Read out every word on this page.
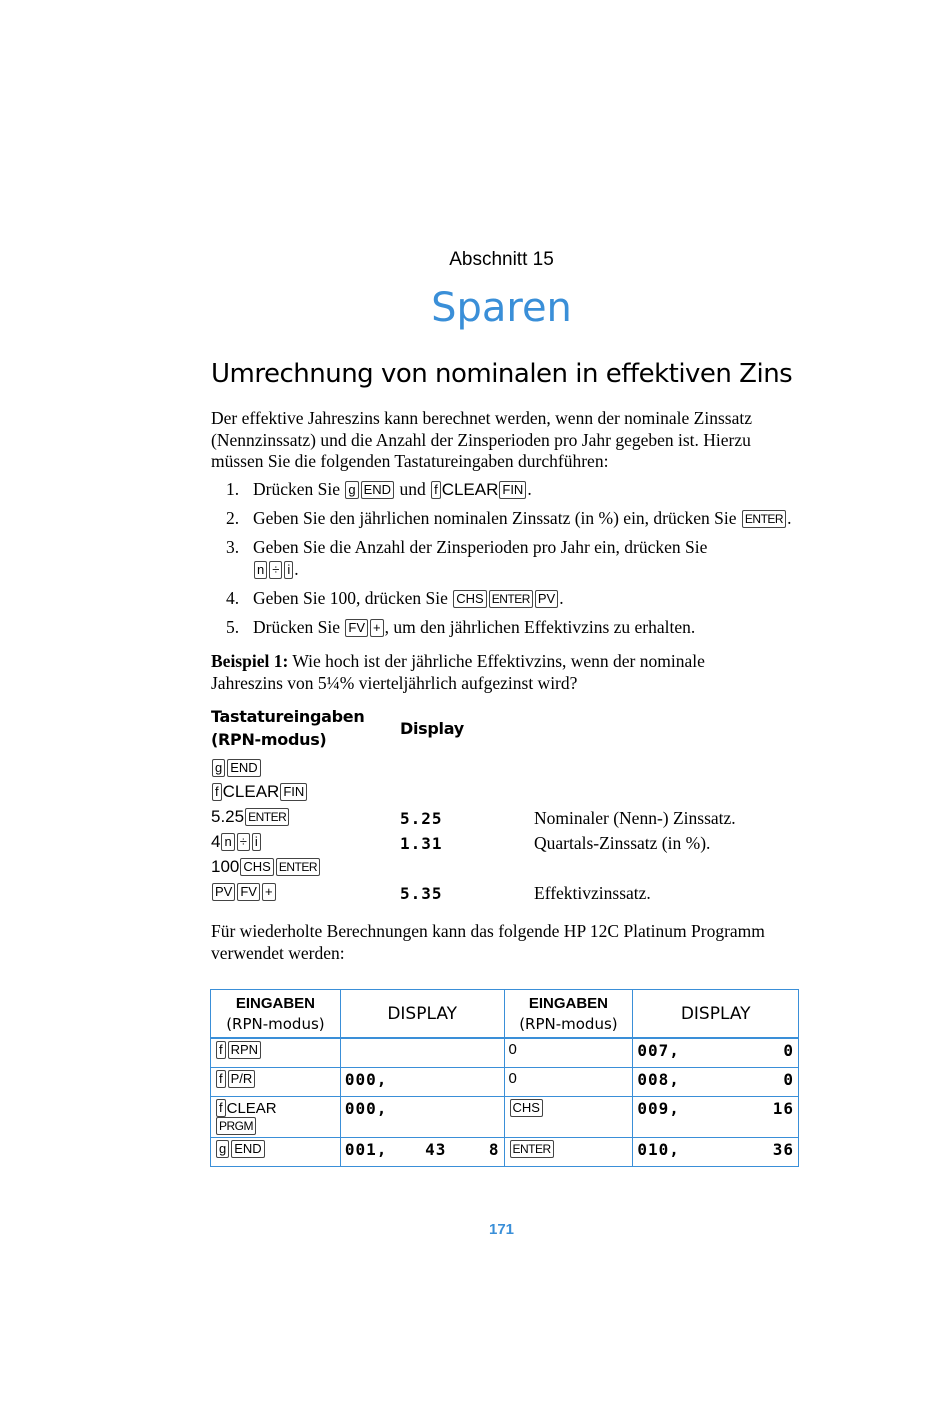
Abschnitt 15
Sparen
Umrechnung von nominalen in effektiven Zins
Der effektive Jahreszins kann berechnet werden, wenn der nominale Zinssatz
(Nennzinssatz) und die Anzahl der Zinsperioden pro Jahr gegeben ist. Hierzu
müssen Sie die folgenden Tastatureingaben durchführen:
1. Drücken Sie g END und f CLEAR FIN .
2. Geben Sie den jährlichen nominalen Zinssatz (in %) ein, drücken Sie ENTER .
3. Geben Sie die Anzahl der Zinsperioden pro Jahr ein, drücken Sie
n ÷ i .
4. Geben Sie 100, drücken Sie CHS ENTER PV .
5. Drücken Sie FV + , um den jährlichen Effektivzins zu erhalten.
Beispiel 1: Wie hoch ist der jährliche Effektivzins, wenn der nominale
Jahreszins von 5¼% vierteljährlich aufgezinst wird?
Tastatureingaben
(RPN-modus)
Display
g END
f CLEAR FIN
5.25 ENTER	5.25	Nominaler (Nenn-) Zinssatz.
4 n ÷ i	1.31	Quartals-Zinssatz (in %).
100 CHS ENTER
PV FV +	5.35	Effektivzinssatz.
Für wiederholte Berechnungen kann das folgende HP 12C Platinum Programm
verwendet werden:
EINGABEN
(RPN-modus)	DISPLAY	EINGABEN
(RPN-modus)	DISPLAY
f RPN		0	007, 0

f P/R	000,	0	008, 0

f CLEAR
PRGM	000,	CHS	009, 16

g END	001, 43    8	ENTER	010, 36
171
